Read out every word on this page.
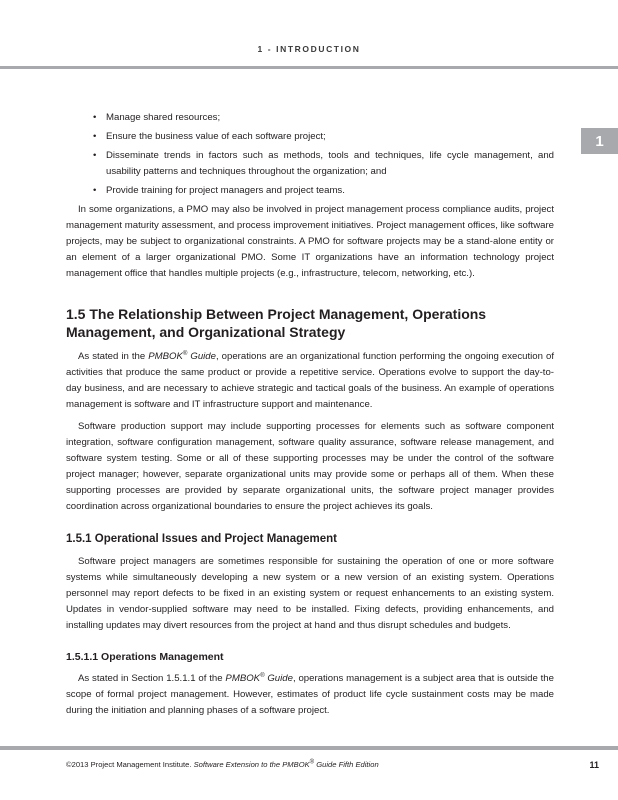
1 - INTRODUCTION
1
• Manage shared resources;
• Ensure the business value of each software project;
• Disseminate trends in factors such as methods, tools and techniques, life cycle management, and usability patterns and techniques throughout the organization; and
• Provide training for project managers and project teams.

In some organizations, a PMO may also be involved in project management process compliance audits, project management maturity assessment, and process improvement initiatives. Project management offices, like software projects, may be subject to organizational constraints. A PMO for software projects may be a stand-alone entity or an element of a larger organizational PMO. Some IT organizations have an information technology project management office that handles multiple projects (e.g., infrastructure, telecom, networking, etc.).

1.5 The Relationship Between Project Management, Operations
Management, and Organizational Strategy

As stated in the PMBOK® Guide, operations are an organizational function performing the ongoing execution of activities that produce the same product or provide a repetitive service. Operations evolve to support the day-to-day business, and are necessary to achieve strategic and tactical goals of the business. An example of operations management is software and IT infrastructure support and maintenance.

Software production support may include supporting processes for elements such as software component integration, software configuration management, software quality assurance, software release management, and software system testing. Some or all of these supporting processes may be under the control of the software project manager; however, separate organizational units may provide some or perhaps all of them. When these supporting processes are provided by separate organizational units, the software project manager provides coordination across organizational boundaries to ensure the project achieves its goals.

1.5.1 Operational Issues and Project Management

Software project managers are sometimes responsible for sustaining the operation of one or more software systems while simultaneously developing a new system or a new version of an existing system. Operations personnel may report defects to be fixed in an existing system or request enhancements to an existing system. Updates in vendor-supplied software may need to be installed. Fixing defects, providing enhancements, and installing updates may divert resources from the project at hand and thus disrupt schedules and budgets.

1.5.1.1 Operations Management

As stated in Section 1.5.1.1 of the PMBOK® Guide, operations management is a subject area that is outside the scope of formal project management. However, estimates of product life cycle sustainment costs may be made during the initiation and planning phases of a software project.

©2013 Project Management Institute. Software Extension to the PMBOK® Guide Fifth Edition	11
